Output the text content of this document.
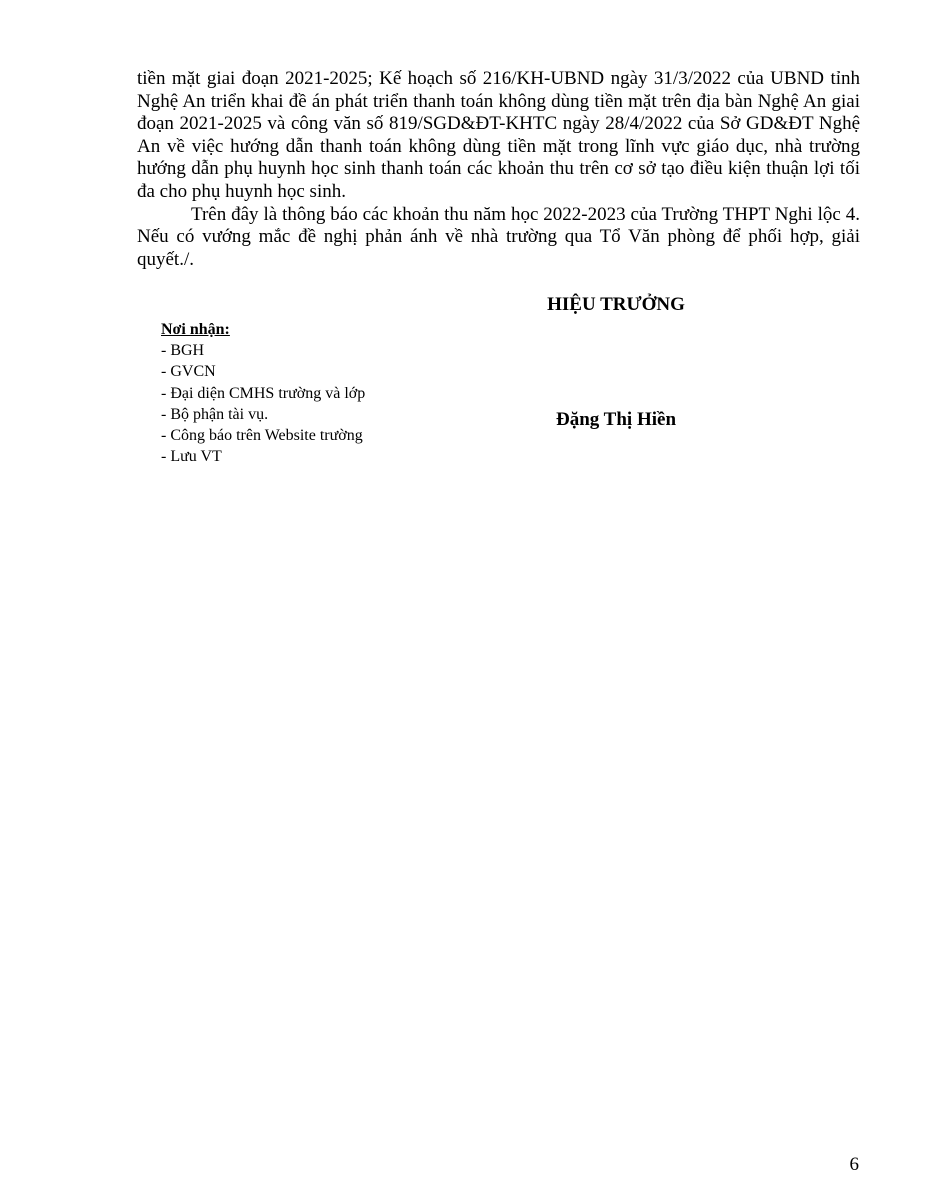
tiền mặt giai đoạn 2021-2025; Kế hoạch số 216/KH-UBND ngày 31/3/2022 của UBND tỉnh Nghệ An triển khai đề án phát triển thanh toán không dùng tiền mặt trên địa bàn Nghệ An giai đoạn 2021-2025 và công văn số 819/SGD&ĐT-KHTC ngày 28/4/2022 của Sở GD&ĐT Nghệ An về việc hướng dẫn thanh toán không dùng tiền mặt trong lĩnh vực giáo dục, nhà trường hướng dẫn phụ huynh học sinh thanh toán các khoản thu trên cơ sở tạo điều kiện thuận lợi tối đa cho phụ huynh học sinh.

Trên đây là thông báo các khoản thu năm học 2022-2023 của Trường THPT Nghi lộc 4. Nếu có vướng mắc đề nghị phản ánh về nhà trường qua Tổ Văn phòng để phối hợp, giải quyết./.

HIỆU TRƯỞNG
Nơi nhận:
- BGH
- GVCN
- Đại diện CMHS trường và lớp
- Bộ phận tài vụ.
- Công báo trên Website trường
- Lưu VT
Đặng Thị Hiền
6
